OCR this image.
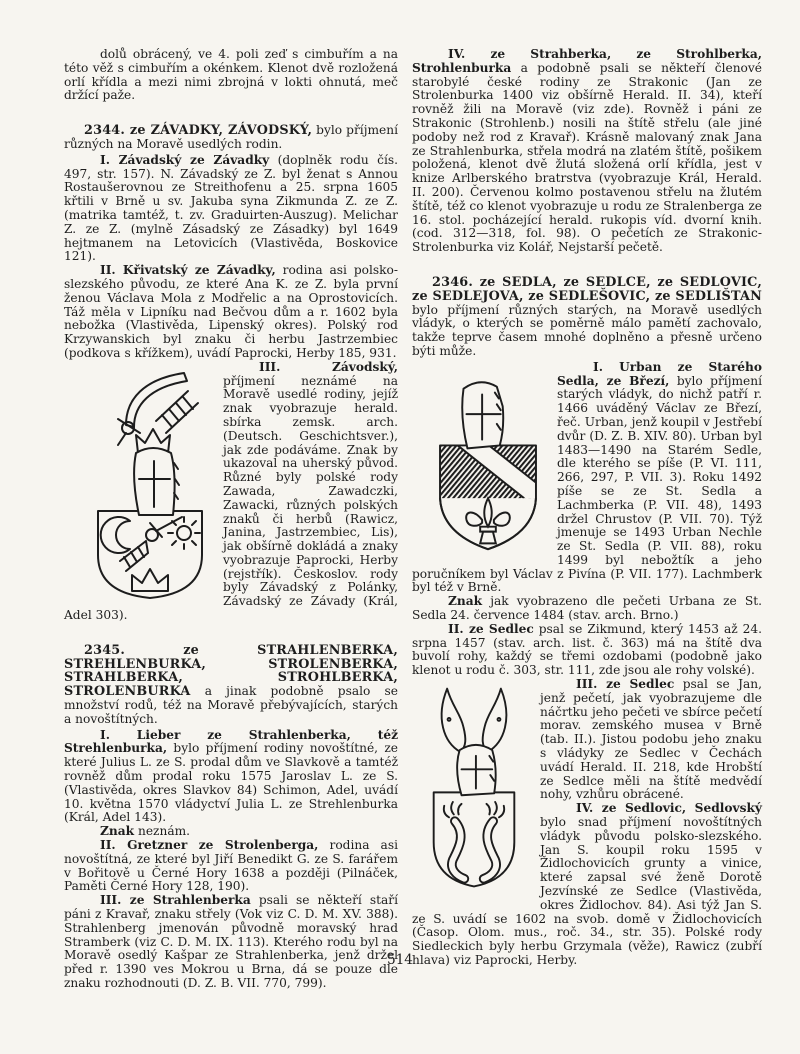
dolů obrácený, ve 4. poli zeď s cimbuřím a na této věž s cimbuřím a okénkem. Klenot dvě rozložená orlí křídla a mezi nimi zbrojná v lokti ohnutá, meč držící paže.

2344. ze ZÁVADKY, ZÁVODSKÝ, bylo příjmení různých na Moravě usedlých rodin.

I. Závadský ze Závadky (doplněk rodu čís. 497, str. 157). N. Závadský ze Z. byl ženat s Annou Rostaušerovnou ze Streithofenu a 25. srpna 1605 křtili v Brně u sv. Jakuba syna Zikmunda Z. ze Z. (matrika tamtéž, t. zv. Graduirten-Auszug). Melichar Z. ze Z. (mylně Zásadský ze Zásadky) byl 1649 hejtmanem na Letovicích (Vlastivěda, Boskovice 121).

II. Křivatský ze Závadky, rodina asi polsko-slezského původu, ze které Ana K. ze Z. byla první ženou Václava Mola z Modřelic a na Oprostovicích. Táž měla v Lipníku nad Bečvou dům a r. 1602 byla nebožka (Vlastivěda, Lipenský okres). Polský rod Krzywanskich byl znaku či herbu Jastrzembiec (podkova s křížkem), uvádí Paprocki, Herby 185, 931.

III. Závodský, příjmení neznámé na Moravě usedlé rodiny, jejíž znak vyobrazuje herald. sbírka zemsk. arch. (Deutsch. Geschichtsver.), jak zde podáváme. Znak by ukazoval na uherský původ. Různé byly polské rody Zawada, Zawadczki, Zawacki, různých polských znaků či herbů (Rawicz, Janina, Jastrzembiec, Lis), jak obšírně dokládá a znaky vyobrazuje Paprocki, Herby (rejstřík). Českoslov. rody byly Závadský z Polánky, Závadský ze Závady (Král, Adel 303).

2345. ze STRAHLENBERKA, STREHLENBURKA, STROLENBERKA, STRAHLBERKA, STROHLBERKA, STROLENBURKA a jinak podobně psalo se množství rodů, též na Moravě přebývajících, starých a novoštítných.

I. Lieber ze Strahlenberka, též Strehlenburka, bylo příjmení rodiny novoštítné, ze které Julius L. ze S. prodal dům ve Slavkově a tamtéž rovněž dům prodal roku 1575 Jaroslav L. ze S. (Vlastivěda, okres Slavkov 84) Schimon, Adel, uvádí 10. května 1570 vládyctví Julia L. ze Strehlenburka (Král, Adel 143).

Znak neznám.

II. Gretzner ze Strolenberga, rodina asi novoštítná, ze které byl Jiří Benedikt G. ze S. farářem v Bořitově u Černé Hory 1638 a později (Pilnáček, Paměti Černé Hory 128, 190).

III. ze Strahlenberka psali se někteří staří páni z Kravař, znaku střely (Vok viz C. D. M. XV. 388). Strahlenberg jmenován původně moravský hrad Stramberk (viz C. D. M. IX. 113). Kterého rodu byl na Moravě osedlý Kašpar ze Strahlenberka, jenž držel před r. 1390 ves Mokrou u Brna, dá se pouze dle znaku rozhodnouti (D. Z. B. VII. 770, 799).

IV. ze Strahberka, ze Strohlberka, Strohlenburka a podobně psali se někteří členové starobylé české rodiny ze Strakonic (Jan ze Strolenburka 1400 viz obšírně Herald. II. 34), kteří rovněž žili na Moravě (viz zde). Rovněž i páni ze Strakonic (Strohlenb.) nosili na štítě střelu (ale jiné podoby než rod z Kravař). Krásně malovaný znak Jana ze Strahlenburka, střela modrá na zlatém štítě, pošikem položená, klenot dvě žlutá složená orlí křídla, jest v knize Arlberského bratrstva (vyobrazuje Král, Herald. II. 200). Červenou kolmo postavenou střelu na žlutém štítě, též co klenot vyobrazuje u rodu ze Stralenberga ze 16. stol. pocházející herald. rukopis víd. dvorní knih. (cod. 312—318, fol. 98). O pečetích ze Strakonic-Strolenburka viz Kolář, Nejstarší pečetě.

2346. ze SEDLA, ze SEDLCE, ze SEDLOVIC, ze SEDLEJOVA, ze SEDLEŠOVIC, ze SEDLIŠTAN bylo příjmení různých starých, na Moravě usedlých vládyk, o kterých se poměrně málo pamětí zachovalo, takže teprve časem mnohé doplněno a přesně určeno býti může.

I. Urban ze Starého Sedla, ze Březí, bylo příjmení starých vládyk, do nichž patří r. 1466 uváděný Václav ze Březí, řeč. Urban, jenž koupil v Jestřebí dvůr (D. Z. B. XIV. 80). Urban byl 1483—1490 na Starém Sedle, dle kterého se píše (P. VI. 111, 266, 297, P. VII. 3). Roku 1492 píše se ze St. Sedla a Lachmberka (P. VII. 48), 1493 držel Chrustov (P. VII. 70). Týž jmenuje se 1493 Urban Nechle ze St. Sedla (P. VII. 88), roku 1499 byl nebožtík a jeho poručníkem byl Václav z Pivína (P. VII. 177). Lachmberk byl též v Brně.

Znak jak vyobrazeno dle pečeti Urbana ze St. Sedla 24. července 1484 (stav. arch. Brno.)

II. ze Sedlec psal se Zikmund, který 1453 až 24. srpna 1457 (stav. arch. list. č. 363) má na štítě dva buvolí rohy, každý se třemi ozdobami (podobně jako klenot u rodu č. 303, str. 111, zde jsou ale rohy volské).

III. ze Sedlec psal se Jan, jenž pečetí, jak vyobrazujeme dle náčrtku jeho pečeti ve sbírce pečetí morav. zemského musea v Brně (tab. II.). Jistou podobu jeho znaku s vládyky ze Sedlec v Čechách uvádí Herald. II. 218, kde Hrobští ze Sedlce měli na štítě medvědí nohy, vzhůru obrácené.

IV. ze Sedlovic, Sedlovský bylo snad příjmení novoštítných vládyk původu polsko-slezského. Jan S. koupil roku 1595 v Židlochovicích grunty a vinice, které zapsal své ženě Dorotě Jezvínské ze Sedlce (Vlastivěda, okres Židlochov. 84). Asi týž Jan S. ze S. uvádí se 1602 na svob. domě v Židlochovicích (Časop. Olom. mus., roč. 34., str. 35). Polské rody Siedleckich byly herbu Grzymala (věže), Rawicz (zubří hlava) viz Paprocki, Herby.

514
